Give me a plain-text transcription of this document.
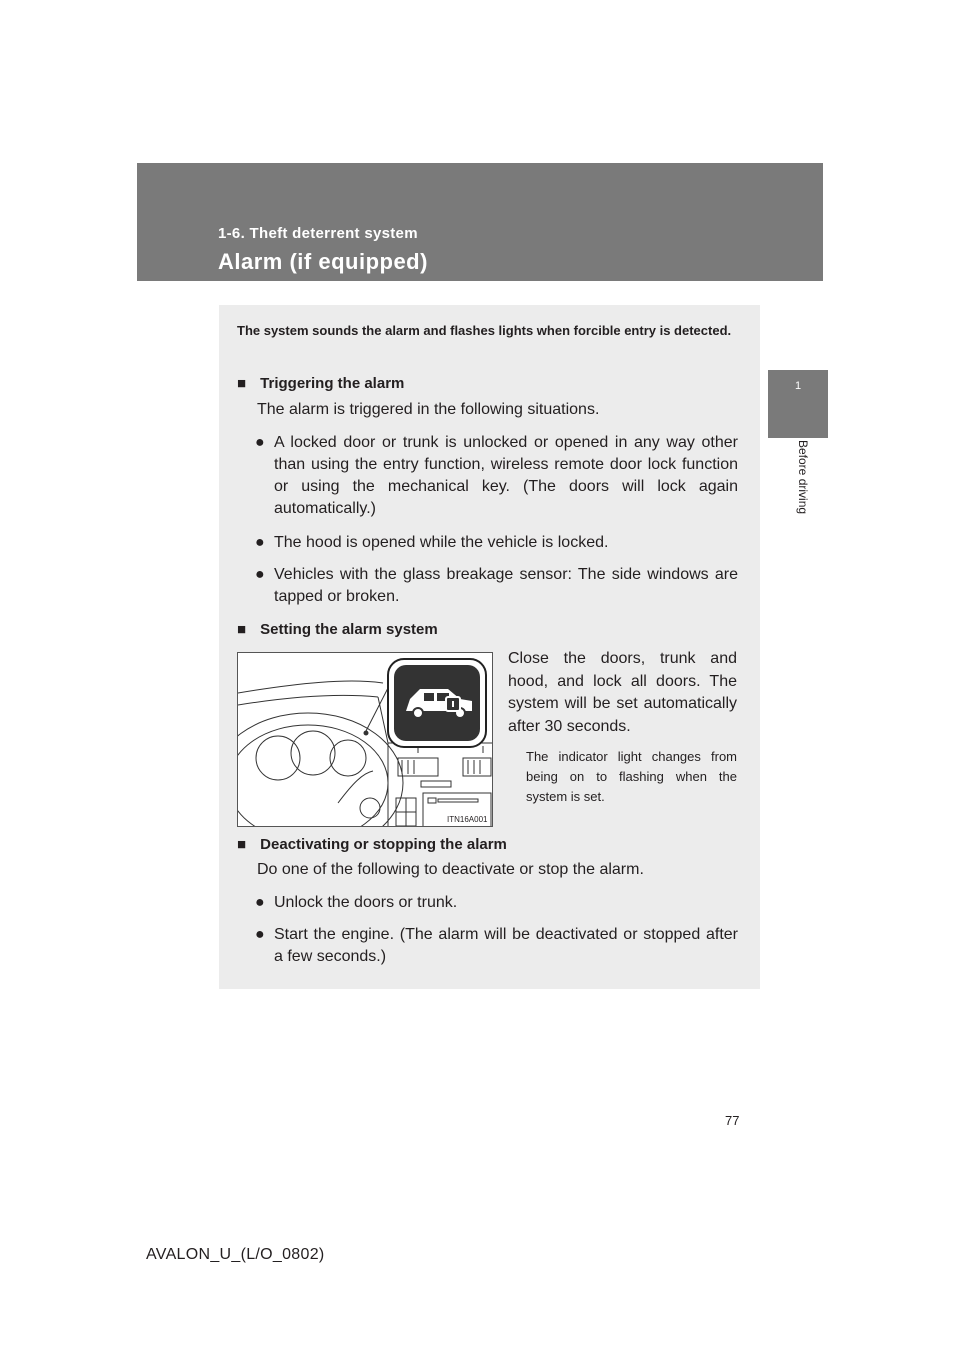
1-6. Theft deterrent system
Alarm (if equipped)
1
Before driving
The system sounds the alarm and flashes lights when forcible entry is detected.
■ Triggering the alarm
The alarm is triggered in the following situations.
● A locked door or trunk is unlocked or opened in any way other than using the entry function, wireless remote door lock function or using the mechanical key. (The doors will lock again automatically.)
● The hood is opened while the vehicle is locked.
● Vehicles with the glass breakage sensor: The side windows are tapped or broken.
■ Setting the alarm system
ITN16A001
Close the doors, trunk and hood, and lock all doors. The system will be set automatically after 30 seconds.
The indicator light changes from being on to flashing when the system is set.
■ Deactivating or stopping the alarm
Do one of the following to deactivate or stop the alarm.
● Unlock the doors or trunk.
● Start the engine. (The alarm will be deactivated or stopped after a few seconds.)
77
AVALON_U_(L/O_0802)
